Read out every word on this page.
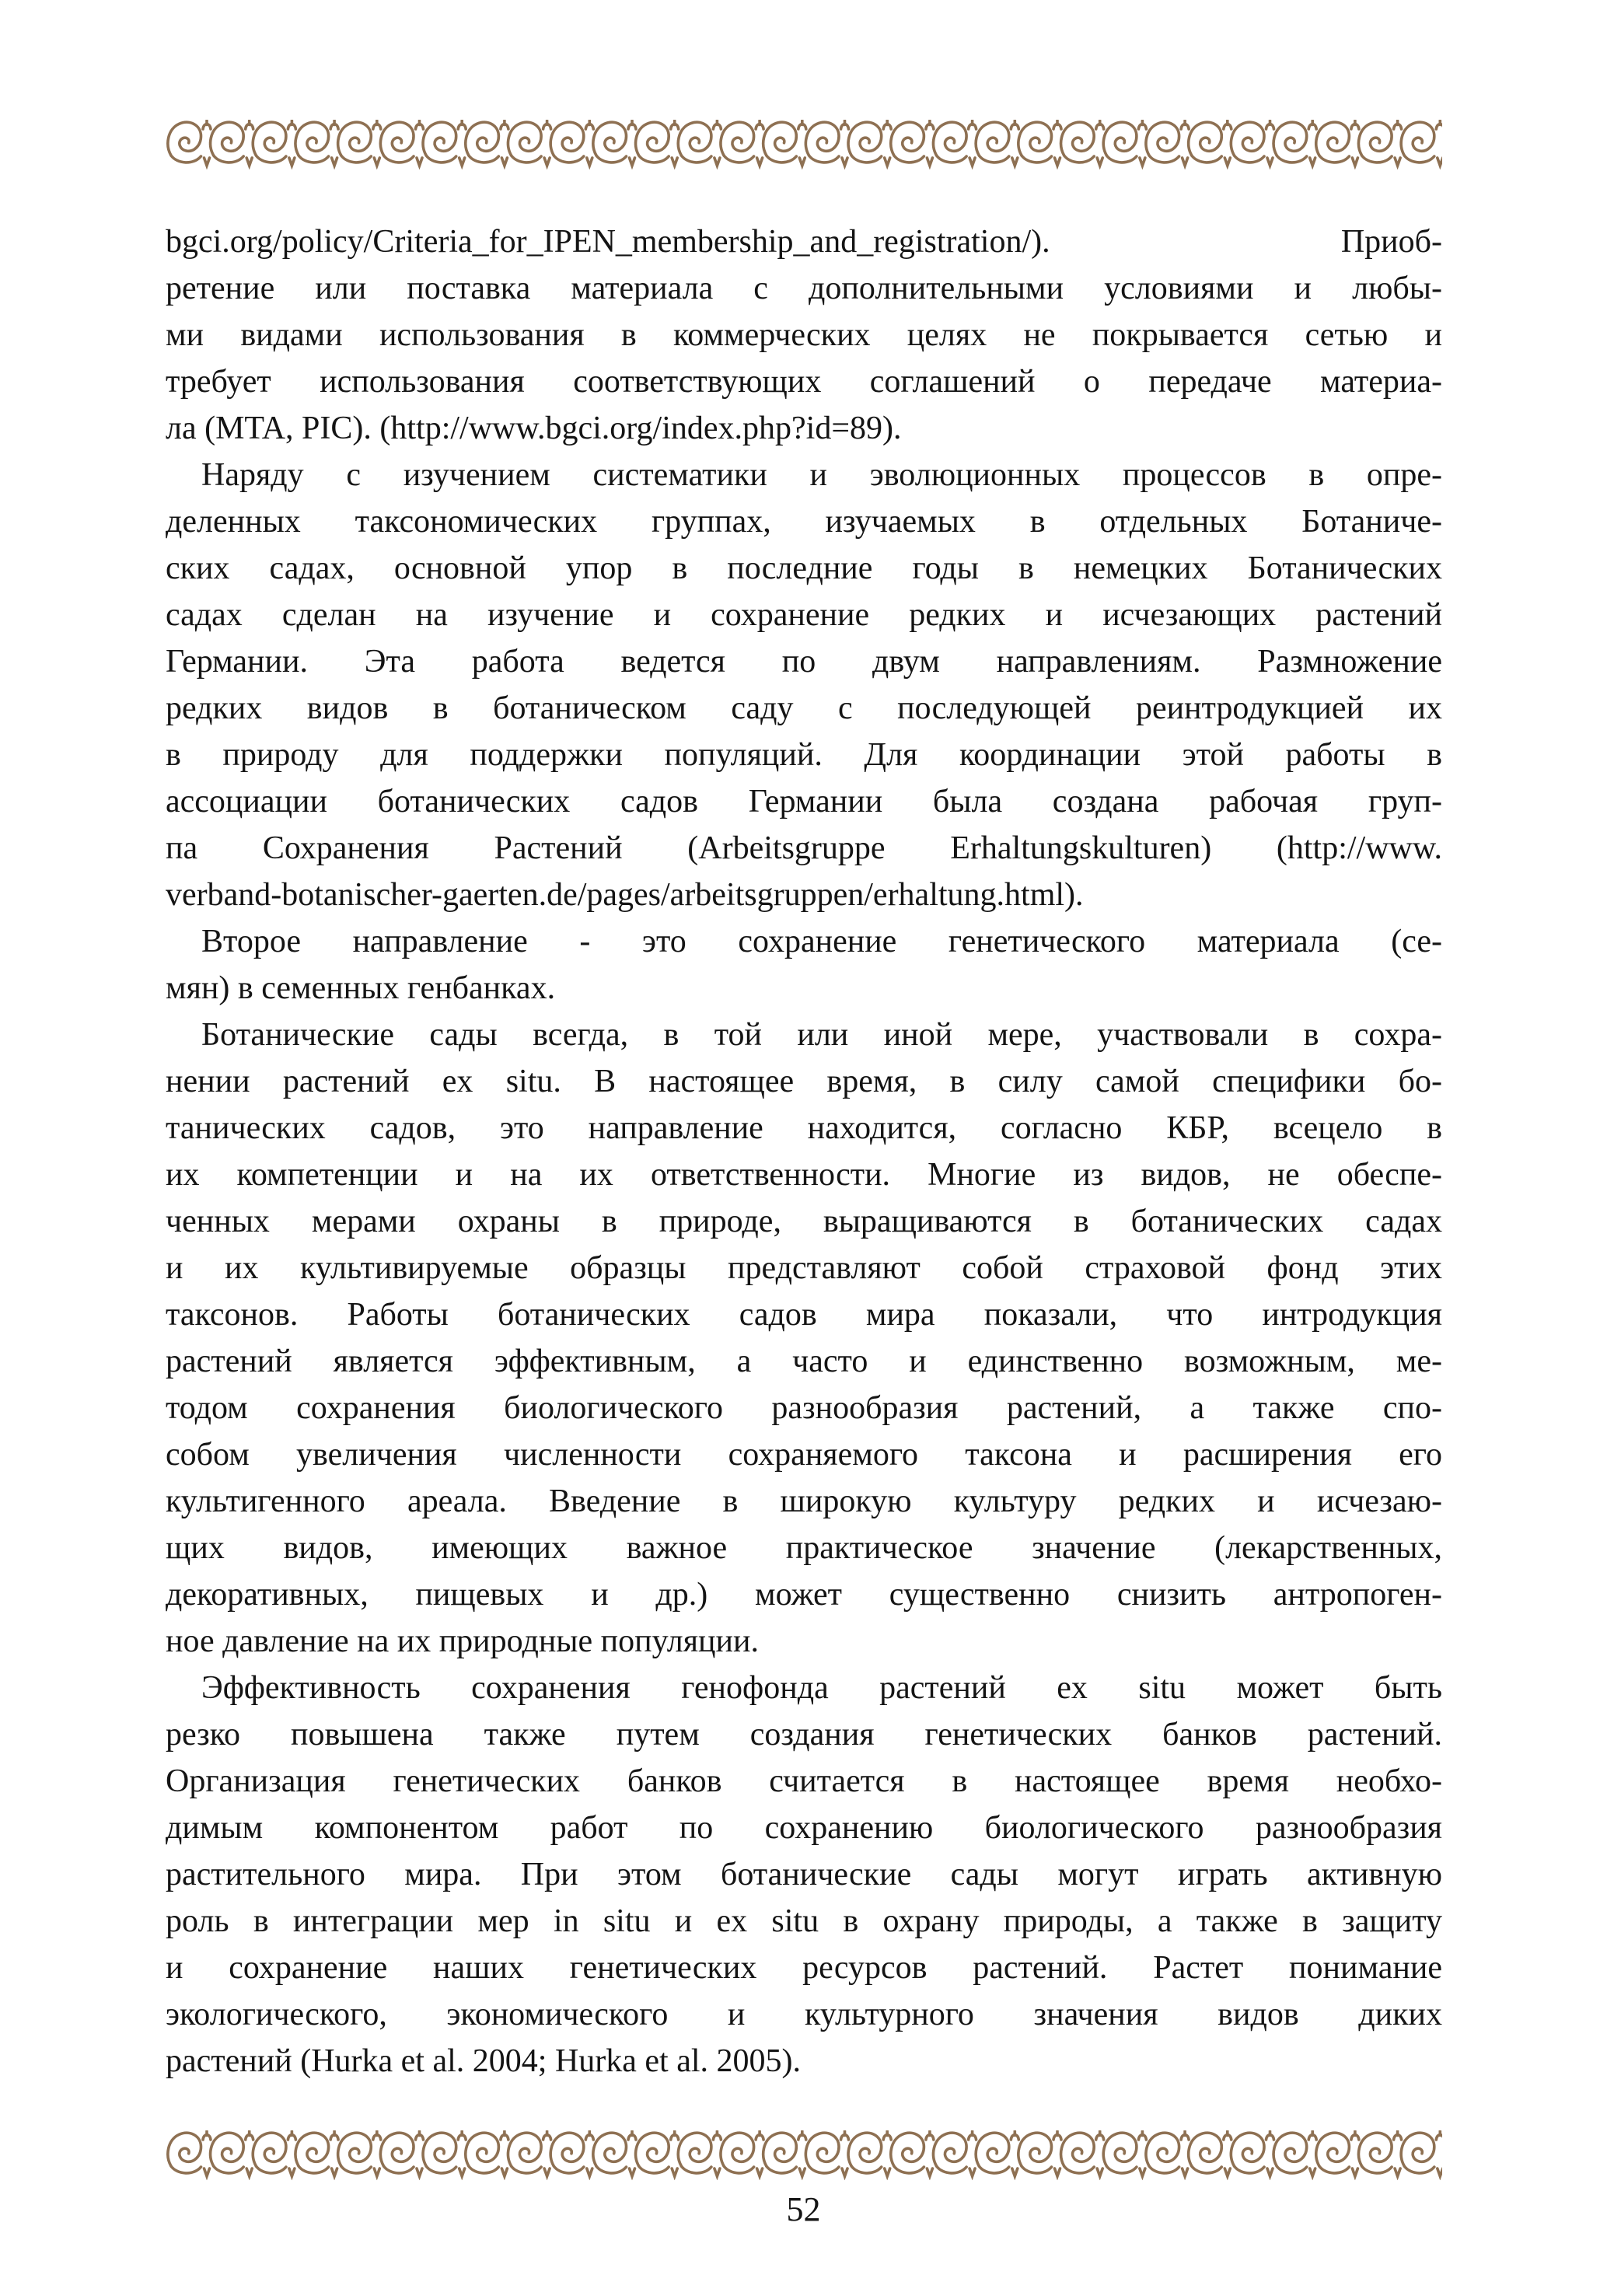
bgci.org/policy/Criteria_for_IPEN_membership_and_registration/). Приоб-
ретение или поставка материала с дополнительными условиями и любы-
ми видами использования в коммерческих целях не покрывается сетью и
требует использования соответствующих соглашений о передаче материа-
ла (MTA, PIC). (http://www.bgci.org/index.php?id=89).
Наряду с изучением систематики и эволюционных процессов в опре-
деленных таксономических группах, изучаемых в отдельных Ботаниче-
ских садах, основной упор в последние годы в немецких Ботанических
садах сделан на изучение и сохранение редких и исчезающих растений
Германии. Эта работа ведется по двум направлениям. Размножение
редких видов в ботаническом саду с последующей реинтродукцией их
в природу для поддержки популяций. Для координации этой работы в
ассоциации ботанических садов Германии была создана рабочая груп-
па Сохранения Растений (Arbeitsgruppe Erhaltungskulturen) (http://www.
verband-botanischer-gaerten.de/pages/arbeitsgruppen/erhaltung.html).
Второе направление - это сохранение генетического материала (се-
мян) в семенных генбанках.
Ботанические сады всегда, в той или иной мере, участвовали в сохра-
нении растений ex situ. В настоящее время, в силу самой специфики бо-
танических садов, это направление находится, согласно КБР, всецело в
их компетенции и на их ответственности. Многие из видов, не обеспе-
ченных мерами охраны в природе, выращиваются в ботанических садах
и их культивируемые образцы представляют собой страховой фонд этих
таксонов. Работы ботанических садов мира показали, что интродукция
растений является эффективным, а часто и единственно возможным, ме-
тодом сохранения биологического разнообразия растений, а также спо-
собом увеличения численности сохраняемого таксона и расширения его
культигенного ареала. Введение в широкую культуру редких и исчезаю-
щих видов, имеющих важное практическое значение (лекарственных,
декоративных, пищевых и др.) может существенно снизить антропоген-
ное давление на их природные популяции.
Эффективность сохранения генофонда растений ex situ может быть
резко повышена также путем создания генетических банков растений.
Организация генетических банков считается в настоящее время необхо-
димым компонентом работ по сохранению биологического разнообразия
растительного мира. При этом ботанические сады могут играть активную
роль в интеграции мер in situ и ex situ в охрану природы, а также в защиту
и сохранение наших генетических ресурсов растений. Растет понимание
экологического, экономического и культурного значения видов диких
растений (Hurka et al. 2004; Hurka et al. 2005).
52
